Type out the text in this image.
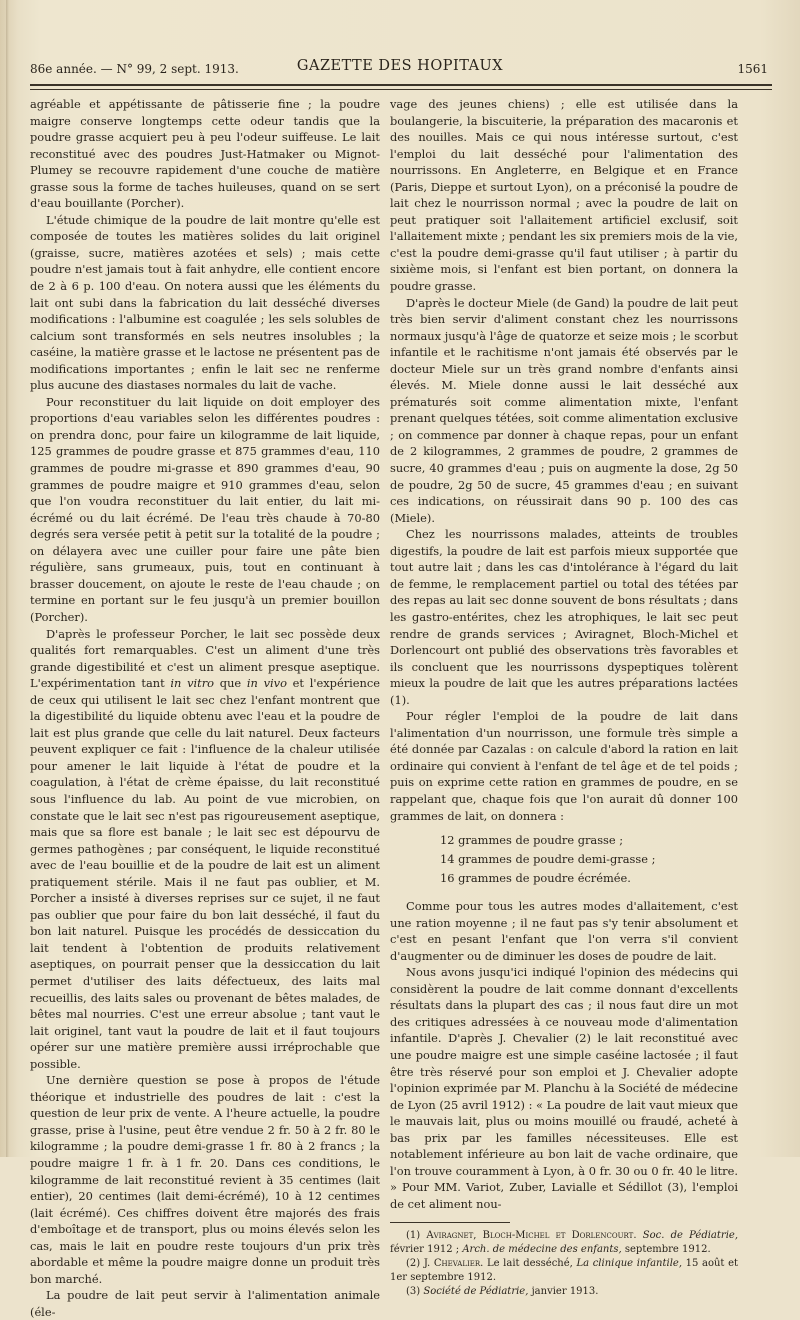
86e année. — N° 99, 2 sept. 1913.	GAZETTE DES HOPITAUX	1561

agréable et appétissante de pâtisserie fine ; la poudre maigre conserve longtemps cette odeur tandis que la poudre grasse acquiert peu à peu l'odeur suiffeuse. Le lait reconstitué avec des poudres Just-Hatmaker ou Mignot-Plumey se recouvre rapidement d'une couche de matière grasse sous la forme de taches huileuses, quand on se sert d'eau bouillante (Porcher).

L'étude chimique de la poudre de lait montre qu'elle est composée de toutes les matières solides du lait originel (graisse, sucre, matières azotées et sels) ; mais cette poudre n'est jamais tout à fait anhydre, elle contient encore de 2 à 6 p. 100 d'eau. On notera aussi que les éléments du lait ont subi dans la fabrication du lait desséché diverses modifications : l'albumine est coagulée ; les sels solubles de calcium sont transformés en sels neutres insolubles ; la caséine, la matière grasse et le lactose ne présentent pas de modifications importantes ; enfin le lait sec ne renferme plus aucune des diastases normales du lait de vache.

Pour reconstituer du lait liquide on doit employer des proportions d'eau variables selon les différentes poudres : on prendra donc, pour faire un kilogramme de lait liquide, 125 grammes de poudre grasse et 875 grammes d'eau, 110 grammes de poudre mi-grasse et 890 grammes d'eau, 90 grammes de poudre maigre et 910 grammes d'eau, selon que l'on voudra reconstituer du lait entier, du lait mi-écrémé ou du lait écrémé. De l'eau très chaude à 70-80 degrés sera versée petit à petit sur la totalité de la poudre ; on délayera avec une cuiller pour faire une pâte bien régulière, sans grumeaux, puis, tout en continuant à brasser doucement, on ajoute le reste de l'eau chaude ; on termine en portant sur le feu jusqu'à un premier bouillon (Porcher).

D'après le professeur Porcher, le lait sec possède deux qualités fort remarquables. C'est un aliment d'une très grande digestibilité et c'est un aliment presque aseptique. L'expérimentation tant in vitro que in vivo et l'expérience de ceux qui utilisent le lait sec chez l'enfant montrent que la digestibilité du liquide obtenu avec l'eau et la poudre de lait est plus grande que celle du lait naturel. Deux facteurs peuvent expliquer ce fait : l'influence de la chaleur utilisée pour amener le lait liquide à l'état de poudre et la coagulation, à l'état de crème épaisse, du lait reconstitué sous l'influence du lab. Au point de vue microbien, on constate que le lait sec n'est pas rigoureusement aseptique, mais que sa flore est banale ; le lait sec est dépourvu de germes pathogènes ; par conséquent, le liquide reconstitué avec de l'eau bouillie et de la poudre de lait est un aliment pratiquement stérile. Mais il ne faut pas oublier, et M. Porcher a insisté à diverses reprises sur ce sujet, il ne faut pas oublier que pour faire du bon lait desséché, il faut du bon lait naturel. Puisque les procédés de dessiccation du lait tendent à l'obtention de produits relativement aseptiques, on pourrait penser que la dessiccation du lait permet d'utiliser des laits défectueux, des laits mal recueillis, des laits sales ou provenant de bêtes malades, de bêtes mal nourries. C'est une erreur absolue ; tant vaut le lait originel, tant vaut la poudre de lait et il faut toujours opérer sur une matière première aussi irréprochable que possible.

Une dernière question se pose à propos de l'étude théorique et industrielle des poudres de lait : c'est la question de leur prix de vente. A l'heure actuelle, la poudre grasse, prise à l'usine, peut être vendue 2 fr. 50 à 2 fr. 80 le kilogramme ; la poudre demi-grasse 1 fr. 80 à 2 francs ; la poudre maigre 1 fr. à 1 fr. 20. Dans ces conditions, le kilogramme de lait reconstitué revient à 35 centimes (lait entier), 20 centimes (lait demi-écrémé), 10 à 12 centimes (lait écrémé). Ces chiffres doivent être majorés des frais d'emboîtage et de transport, plus ou moins élevés selon les cas, mais le lait en poudre reste toujours d'un prix très abordable et même la poudre maigre donne un produit très bon marché.

La poudre de lait peut servir à l'alimentation animale (éle-

vage des jeunes chiens) ; elle est utilisée dans la boulangerie, la biscuiterie, la préparation des macaronis et des nouilles. Mais ce qui nous intéresse surtout, c'est l'emploi du lait desséché pour l'alimentation des nourrissons. En Angleterre, en Belgique et en France (Paris, Dieppe et surtout Lyon), on a préconisé la poudre de lait chez le nourrisson normal ; avec la poudre de lait on peut pratiquer soit l'allaitement artificiel exclusif, soit l'allaitement mixte ; pendant les six premiers mois de la vie, c'est la poudre demi-grasse qu'il faut utiliser ; à partir du sixième mois, si l'enfant est bien portant, on donnera la poudre grasse.

D'après le docteur Miele (de Gand) la poudre de lait peut très bien servir d'aliment constant chez les nourrissons normaux jusqu'à l'âge de quatorze et seize mois ; le scorbut infantile et le rachitisme n'ont jamais été observés par le docteur Miele sur un très grand nombre d'enfants ainsi élevés. M. Miele donne aussi le lait desséché aux prématurés soit comme alimentation mixte, l'enfant prenant quelques tétées, soit comme alimentation exclusive ; on commence par donner à chaque repas, pour un enfant de 2 kilogrammes, 2 grammes de poudre, 2 grammes de sucre, 40 grammes d'eau ; puis on augmente la dose, 2g 50 de poudre, 2g 50 de sucre, 45 grammes d'eau ; en suivant ces indications, on réussirait dans 90 p. 100 des cas (Miele).

Chez les nourrissons malades, atteints de troubles digestifs, la poudre de lait est parfois mieux supportée que tout autre lait ; dans les cas d'intolérance à l'égard du lait de femme, le remplacement partiel ou total des tétées par des repas au lait sec donne souvent de bons résultats ; dans les gastro-entérites, chez les atrophiques, le lait sec peut rendre de grands services ; Aviragnet, Bloch-Michel et Dorlencourt ont publié des observations très favorables et ils concluent que les nourrissons dyspeptiques tolèrent mieux la poudre de lait que les autres préparations lactées (1).

Pour régler l'emploi de la poudre de lait dans l'alimentation d'un nourrisson, une formule très simple a été donnée par Cazalas : on calcule d'abord la ration en lait ordinaire qui convient à l'enfant de tel âge et de tel poids ; puis on exprime cette ration en grammes de poudre, en se rappelant que, chaque fois que l'on aurait dû donner 100 grammes de lait, on donnera :

12 grammes de poudre grasse ;
14 grammes de poudre demi-grasse ;
16 grammes de poudre écrémée.

Comme pour tous les autres modes d'allaitement, c'est une ration moyenne ; il ne faut pas s'y tenir absolument et c'est en pesant l'enfant que l'on verra s'il convient d'augmenter ou de diminuer les doses de poudre de lait.

Nous avons jusqu'ici indiqué l'opinion des médecins qui considèrent la poudre de lait comme donnant d'excellents résultats dans la plupart des cas ; il nous faut dire un mot des critiques adressées à ce nouveau mode d'alimentation infantile. D'après J. Chevalier (2) le lait reconstitué avec une poudre maigre est une simple caséine lactosée ; il faut être très réservé pour son emploi et J. Chevalier adopte l'opinion exprimée par M. Planchu à la Société de médecine de Lyon (25 avril 1912) : « La poudre de lait vaut mieux que le mauvais lait, plus ou moins mouillé ou fraudé, acheté à bas prix par les familles nécessiteuses. Elle est notablement inférieure au bon lait de vache ordinaire, que l'on trouve couramment à Lyon, à 0 fr. 30 ou 0 fr. 40 le litre. » Pour MM. Variot, Zuber, Lavialle et Sédillot (3), l'emploi de cet aliment nou-

(1) Aviragnet, Bloch-Michel et Dorlencourt. Soc. de Pédiatrie, février 1912 ; Arch. de médecine des enfants, septembre 1912.

(2) J. Chevalier. Le lait desséché, La clinique infantile, 15 août et 1er septembre 1912.

(3) Société de Pédiatrie, janvier 1913.
